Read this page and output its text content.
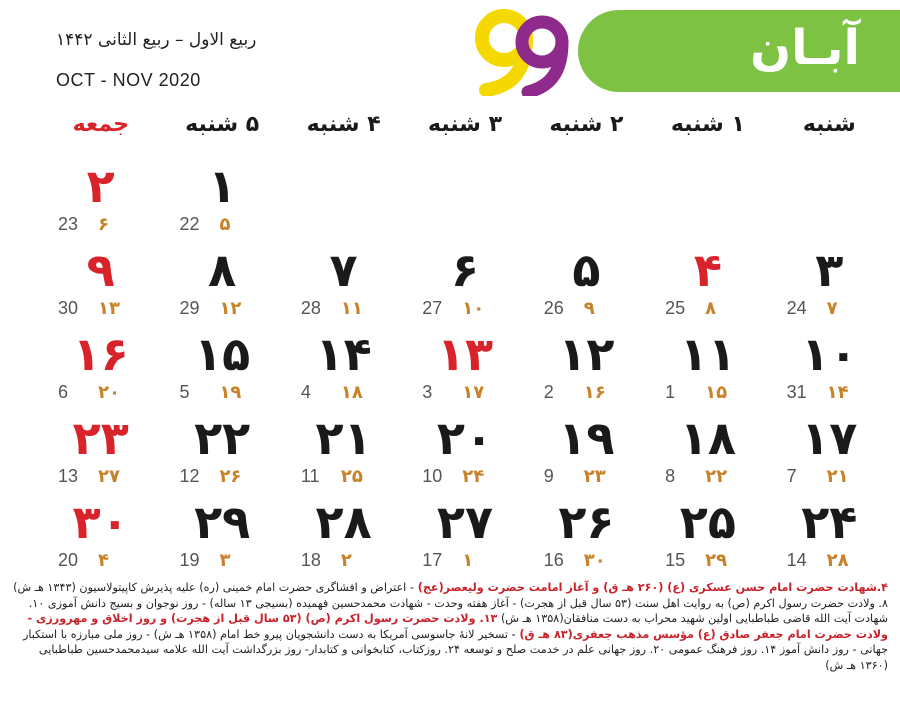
ربیع الاول – ربیع الثانی ۱۴۴۲
OCT - NOV 2020
99
آبـان
شنبه
۱ شنبه
۲ شنبه
۳ شنبه
۴ شنبه
۵ شنبه
جمعه
۱
22 ۵
۲
23 ۶
۳
24 ۷
۴
25 ۸
۵
26 ۹
۶
27 ۱۰
۷
28 ۱۱
۸
29 ۱۲
۹
30 ۱۳
۱۰
31 ۱۴
۱۱
1 ۱۵
۱۲
2 ۱۶
۱۳
3 ۱۷
۱۴
4 ۱۸
۱۵
5 ۱۹
۱۶
6 ۲۰
۱۷
7 ۲۱
۱۸
8 ۲۲
۱۹
9 ۲۳
۲۰
10 ۲۴
۲۱
11 ۲۵
۲۲
12 ۲۶
۲۳
13 ۲۷
۲۴
14 ۲۸
۲۵
15 ۲۹
۲۶
16 ۳۰
۲۷
17 ۱
۲۸
18 ۲
۲۹
19 ۳
۳۰
20 ۴
۴.شهادت حضرت امام حسن عسکری (ع) (۲۶۰ هـ ق) و آغاز امامت حضرت ولیعصر(عج) - اعتراض و افشاگری حضرت امام خمینی (ره) علیه پذیرش کاپیتولاسیون (۱۳۴۳ هـ ش) ۸. ولادت حضرت رسول اکرم (ص) به روایت اهل سنت (۵۳ سال قبل از هجرت) - آغاز هفته وحدت - شهادت محمدحسین فهمیده (بسیجی ۱۳ ساله) - روز نوجوان و بسیج دانش آموزی ۱۰. شهادت آیت الله قاضی طباطبایی اولین شهید محراب به دست منافقان(۱۳۵۸ هـ ش) ۱۳. ولادت حضرت رسول اکرم (ص) (۵۳ سال قبل از هجرت) و روز اخلاق و مهرورزی - ولادت حضرت امام جعفر صادق (ع) مؤسس مذهب جعفری(۸۳ هـ ق) - تسخیر لانهٔ جاسوسی آمریکا به دست دانشجویان پیرو خط امام (۱۳۵۸ هـ ش) - روز ملی مبارزه با استکبار جهانی - روز دانش آموز ۱۴. روز فرهنگ عمومی ۲۰. روز جهانی علم در خدمت صلح و توسعه ۲۴. روزکتاب، کتابخوانی و کتابدار- روز بزرگداشت آیت الله علامه سیدمحمدحسین طباطبایی (۱۳۶۰ هـ ش)
